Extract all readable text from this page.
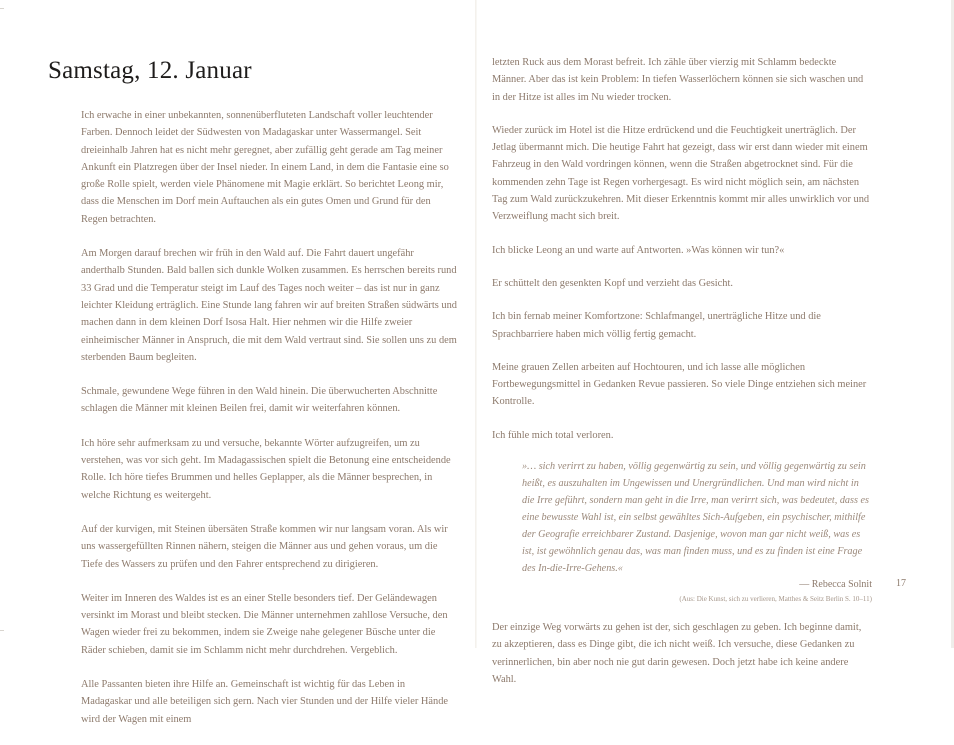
Samstag, 12. Januar

Ich erwache in einer unbekannten, sonnenüberfluteten Landschaft voller leuchtender Farben. Dennoch leidet der Südwesten von Madagaskar unter Wassermangel. Seit dreieinhalb Jahren hat es nicht mehr geregnet, aber zufällig geht gerade am Tag meiner Ankunft ein Platzregen über der Insel nieder. In einem Land, in dem die Fantasie eine so große Rolle spielt, werden viele Phänomene mit Magie erklärt. So berichtet Leong mir, dass die Menschen im Dorf mein Auftauchen als ein gutes Omen und Grund für den Regen betrachten.

Am Morgen darauf brechen wir früh in den Wald auf. Die Fahrt dauert ungefähr anderthalb Stunden. Bald ballen sich dunkle Wolken zusammen. Es herrschen bereits rund 33 Grad und die Temperatur steigt im Lauf des Tages noch weiter – das ist nur in ganz leichter Kleidung erträglich. Eine Stunde lang fahren wir auf breiten Straßen südwärts und machen dann in dem kleinen Dorf Isosa Halt. Hier nehmen wir die Hilfe zweier einheimischer Männer in Anspruch, die mit dem Wald vertraut sind. Sie sollen uns zu dem sterbenden Baum begleiten.

Schmale, gewundene Wege führen in den Wald hinein. Die überwucherten Abschnitte schlagen die Männer mit kleinen Beilen frei, damit wir weiterfahren können.

Ich höre sehr aufmerksam zu und versuche, bekannte Wörter aufzugreifen, um zu verstehen, was vor sich geht. Im Madagassischen spielt die Betonung eine entscheidende Rolle. Ich höre tiefes Brummen und helles Geplapper, als die Männer besprechen, in welche Richtung es weitergeht.

Auf der kurvigen, mit Steinen übersäten Straße kommen wir nur langsam voran. Als wir uns wassergefüllten Rinnen nähern, steigen die Männer aus und gehen voraus, um die Tiefe des Wassers zu prüfen und den Fahrer entsprechend zu dirigieren.

Weiter im Inneren des Waldes ist es an einer Stelle besonders tief. Der Geländewagen versinkt im Morast und bleibt stecken. Die Männer unternehmen zahllose Versuche, den Wagen wieder frei zu bekommen, indem sie Zweige nahe gelegener Büsche unter die Räder schieben, damit sie im Schlamm nicht mehr durchdrehen. Vergeblich.

Alle Passanten bieten ihre Hilfe an. Gemeinschaft ist wichtig für das Leben in Madagaskar und alle beteiligen sich gern. Nach vier Stunden und der Hilfe vieler Hände wird der Wagen mit einem

letzten Ruck aus dem Morast befreit. Ich zähle über vierzig mit Schlamm bedeckte Männer. Aber das ist kein Problem: In tiefen Wasserlöchern können sie sich waschen und in der Hitze ist alles im Nu wieder trocken.

Wieder zurück im Hotel ist die Hitze erdrückend und die Feuchtigkeit unerträglich. Der Jetlag übermannt mich. Die heutige Fahrt hat gezeigt, dass wir erst dann wieder mit einem Fahrzeug in den Wald vordringen können, wenn die Straßen abgetrocknet sind. Für die kommenden zehn Tage ist Regen vorhergesagt. Es wird nicht möglich sein, am nächsten Tag zum Wald zurückzukehren. Mit dieser Erkenntnis kommt mir alles unwirklich vor und Verzweiflung macht sich breit.

Ich blicke Leong an und warte auf Antworten. »Was können wir tun?«

Er schüttelt den gesenkten Kopf und verzieht das Gesicht.

Ich bin fernab meiner Komfortzone: Schlafmangel, unerträgliche Hitze und die Sprachbarriere haben mich völlig fertig gemacht.

Meine grauen Zellen arbeiten auf Hochtouren, und ich lasse alle möglichen Fortbewegungsmittel in Gedanken Revue passieren. So viele Dinge entziehen sich meiner Kontrolle.

Ich fühle mich total verloren.

»… sich verirrt zu haben, völlig gegenwärtig zu sein, und völlig gegenwärtig zu sein heißt, es auszuhalten im Ungewissen und Unergründlichen. Und man wird nicht in die Irre geführt, sondern man geht in die Irre, man verirrt sich, was bedeutet, dass es eine bewusste Wahl ist, ein selbst gewähltes Sich-Aufgeben, ein psychischer, mithilfe der Geografie erreichbarer Zustand. Dasjenige, wovon man gar nicht weiß, was es ist, ist gewöhnlich genau das, was man finden muss, und es zu finden ist eine Frage des In-die-Irre-Gehens.«

— Rebecca Solnit

(Aus: Die Kunst, sich zu verlieren, Matthes & Seitz Berlin S. 10–11)

Der einzige Weg vorwärts zu gehen ist der, sich geschlagen zu geben. Ich beginne damit, zu akzeptieren, dass es Dinge gibt, die ich nicht weiß. Ich versuche, diese Gedanken zu verinnerlichen, bin aber noch nie gut darin gewesen. Doch jetzt habe ich keine andere Wahl.

17
